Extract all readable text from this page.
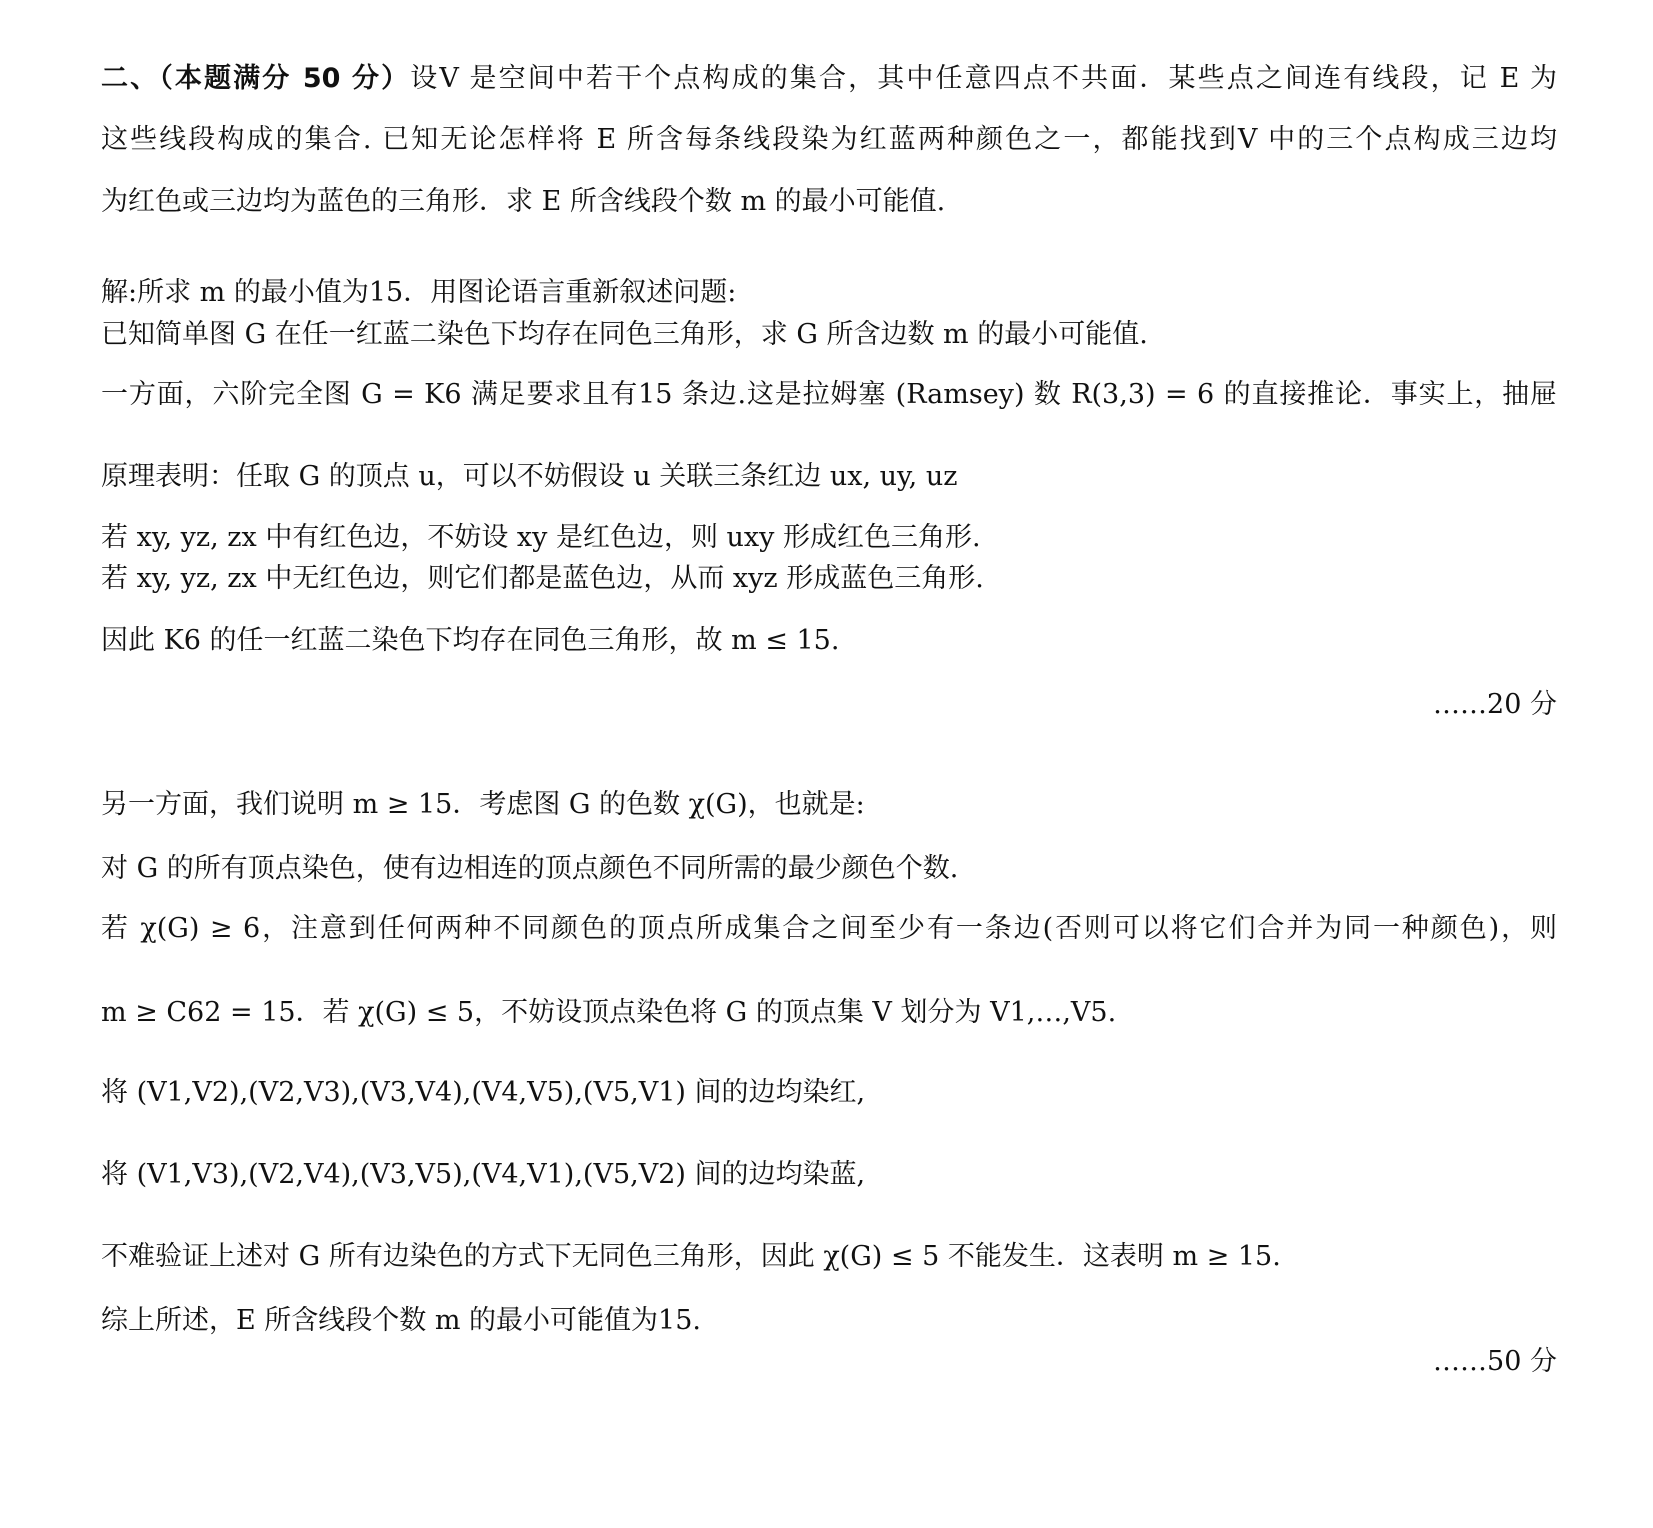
二、（本题满分 50 分）设V 是空间中若干个点构成的集合，其中任意四点不共面．某些点之间连有线段，记 E 为
这些线段构成的集合. 已知无论怎样将 E 所含每条线段染为红蓝两种颜色之一，都能找到V 中的三个点构成三边均
为红色或三边均为蓝色的三角形．求 E 所含线段个数 m 的最小可能值.
解:所求 m 的最小值为15．用图论语言重新叙述问题:
已知简单图 G 在任一红蓝二染色下均存在同色三角形，求 G 所含边数 m 的最小可能值.
一方面，六阶完全图 G = K6 满足要求且有15 条边.这是拉姆塞 (Ramsey) 数 R(3,3) = 6 的直接推论．事实上，抽屉
原理表明：任取 G 的顶点 u，可以不妨假设 u 关联三条红边 ux, uy, uz
若 xy, yz, zx 中有红色边，不妨设 xy 是红色边，则 uxy 形成红色三角形.
若 xy, yz, zx 中无红色边，则它们都是蓝色边，从而 xyz 形成蓝色三角形.
因此 K6 的任一红蓝二染色下均存在同色三角形，故 m ≤ 15.
……20 分
另一方面，我们说明 m ≥ 15．考虑图 G 的色数 χ(G)，也就是:
对 G 的所有顶点染色，使有边相连的顶点颜色不同所需的最少颜色个数.
若 χ(G) ≥ 6，注意到任何两种不同颜色的顶点所成集合之间至少有一条边(否则可以将它们合并为同一种颜色)，则
m ≥ C62 = 15．若 χ(G) ≤ 5，不妨设顶点染色将 G 的顶点集 V 划分为 V1,…,V5.
将 (V1,V2),(V2,V3),(V3,V4),(V4,V5),(V5,V1) 间的边均染红,
将 (V1,V3),(V2,V4),(V3,V5),(V4,V1),(V5,V2) 间的边均染蓝,
不难验证上述对 G 所有边染色的方式下无同色三角形，因此 χ(G) ≤ 5 不能发生．这表明 m ≥ 15.
综上所述，E 所含线段个数 m 的最小可能值为15.
……50 分
